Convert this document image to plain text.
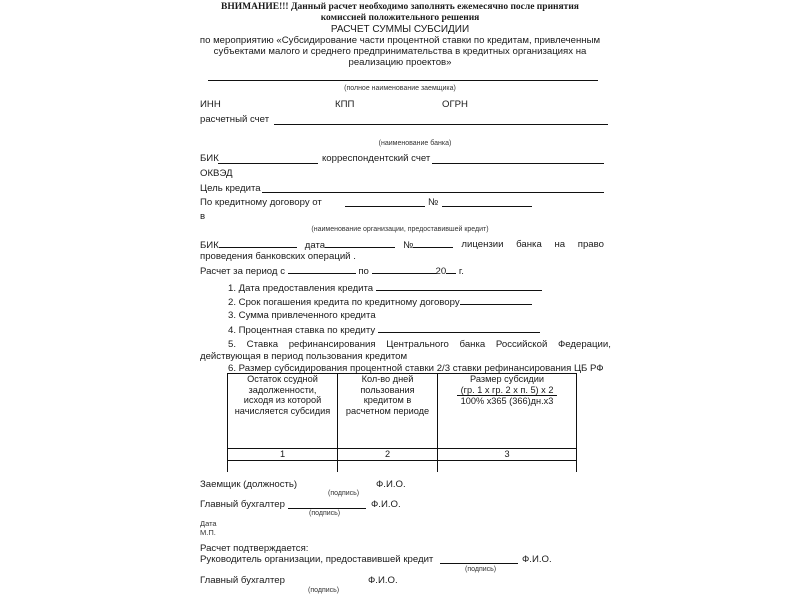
ВНИМАНИЕ!!! Данный расчет необходимо заполнять ежемесячно после принятия
комиссией положительного решения
РАСЧЕТ СУММЫ СУБСИДИИ
по мероприятию «Субсидирование части процентной ставки по кредитам, привлеченным
субъектами малого и среднего предпринимательства в кредитных организациях на
реализацию проектов»
(полное наименование заемщика)
ИНН	КПП	ОГРН
расчетный счет
(наименование банка)
БИК	корреспондентский счет
ОКВЭД
Цель кредита
По кредитному договору от	№
в
(наименование организации, предоставившей кредит)
БИК	дата	№	лицензии банка на право
проведения банковских операций .
Расчет за период с	по	20 г.
1. Дата предоставления кредита
2. Срок погашения кредита по кредитному договору
3. Сумма привлеченного кредита
4. Процентная ставка по кредиту
5. Ставка рефинансирования Центрального банка Российской Федерации,
действующая в период пользования кредитом
6. Размер субсидирования процентной ставки 2/3 ставки рефинансирования ЦБ РФ
Остаток ссудной
задолженности,
исходя из которой
начисляется субсидия

Кол-во дней
пользования
кредитом в
расчетном периоде

Размер субсидии
$\frac{\text{(гр. 1 х гр. 2 х п. 5) х 2}}{100\% х365 (366)дн.х3}$

1	2	3

Заемщик (должность)	Ф.И.О.
(подпись)
Главный бухгалтер	Ф.И.О.
(подпись)
Дата
М.П.
Расчет подтверждается:
Руководитель организации, предоставившей кредит	Ф.И.О.
(подпись)
Главный бухгалтер	Ф.И.О.
(подпись)
